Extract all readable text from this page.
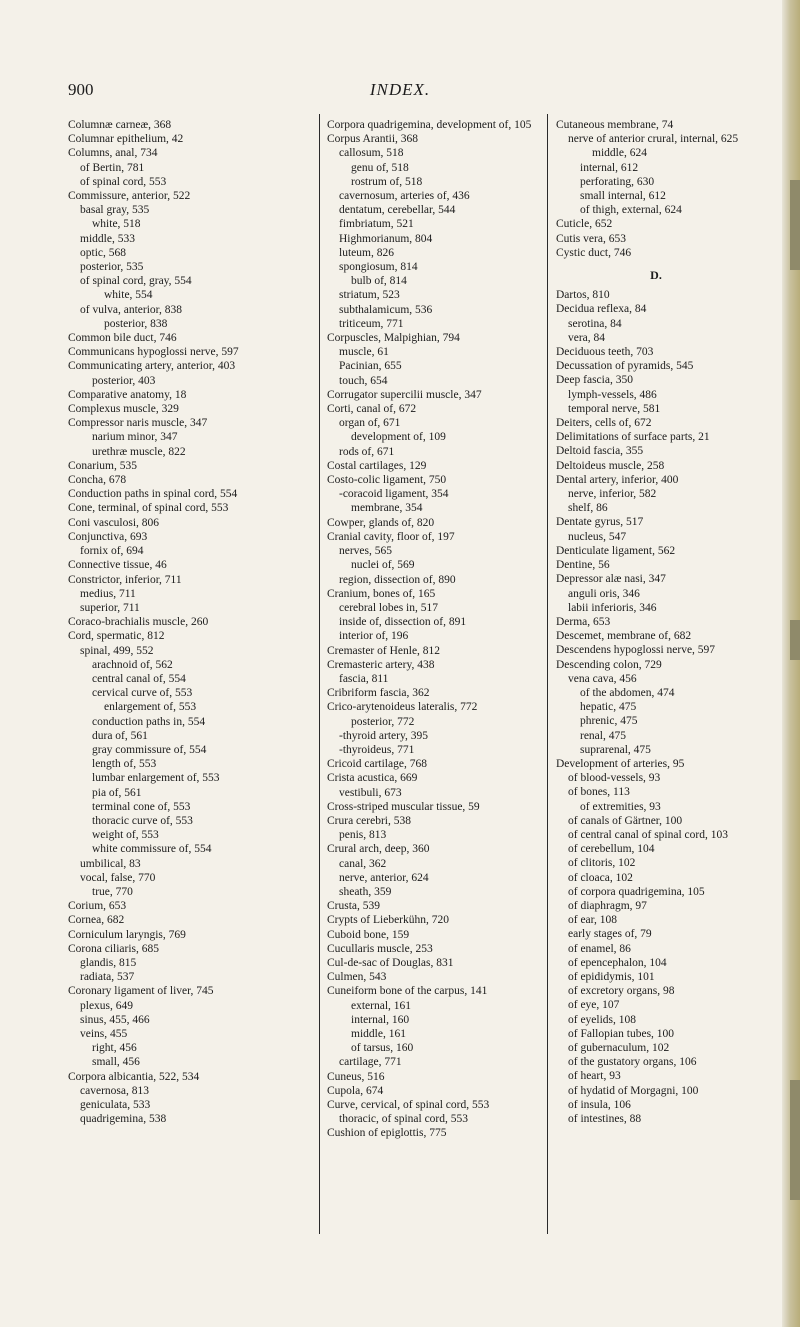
900	INDEX.
Columnæ carneæ, 368
Columnar epithelium, 42
Columns, anal, 734
of Bertin, 781
of spinal cord, 553
Commissure, anterior, 522
basal gray, 535
white, 518
middle, 533
optic, 568
posterior, 535
of spinal cord, gray, 554
white, 554
of vulva, anterior, 838
posterior, 838
Common bile duct, 746
Communicans hypoglossi nerve, 597
Communicating artery, anterior, 403
posterior, 403
Comparative anatomy, 18
Complexus muscle, 329
Compressor naris muscle, 347
narium minor, 347
urethræ muscle, 822
Conarium, 535
Concha, 678
Conduction paths in spinal cord, 554
Cone, terminal, of spinal cord, 553
Coni vasculosi, 806
Conjunctiva, 693
fornix of, 694
Connective tissue, 46
Constrictor, inferior, 711
medius, 711
superior, 711
Coraco-brachialis muscle, 260
Cord, spermatic, 812
spinal, 499, 552
arachnoid of, 562
central canal of, 554
cervical curve of, 553
enlargement of, 553
conduction paths in, 554
dura of, 561
gray commissure of, 554
length of, 553
lumbar enlargement of, 553
pia of, 561
terminal cone of, 553
thoracic curve of, 553
weight of, 553
white commissure of, 554
umbilical, 83
vocal, false, 770
true, 770
Corium, 653
Cornea, 682
Corniculum laryngis, 769
Corona ciliaris, 685
glandis, 815
radiata, 537
Coronary ligament of liver, 745
plexus, 649
sinus, 455, 466
veins, 455
right, 456
small, 456
Corpora albicantia, 522, 534
cavernosa, 813
geniculata, 533
quadrigemina, 538
Corpora quadrigemina, development of, 105
Corpus Arantii, 368
callosum, 518
genu of, 518
rostrum of, 518
cavernosum, arteries of, 436
dentatum, cerebellar, 544
fimbriatum, 521
Highmorianum, 804
luteum, 826
spongiosum, 814
bulb of, 814
striatum, 523
subthalamicum, 536
triticeum, 771
Corpuscles, Malpighian, 794
muscle, 61
Pacinian, 655
touch, 654
Corrugator supercilii muscle, 347
Corti, canal of, 672
organ of, 671
development of, 109
rods of, 671
Costal cartilages, 129
Costo-colic ligament, 750
-coracoid ligament, 354
membrane, 354
Cowper, glands of, 820
Cranial cavity, floor of, 197
nerves, 565
nuclei of, 569
region, dissection of, 890
Cranium, bones of, 165
cerebral lobes in, 517
inside of, dissection of, 891
interior of, 196
Cremaster of Henle, 812
Cremasteric artery, 438
fascia, 811
Cribriform fascia, 362
Crico-arytenoideus lateralis, 772
posterior, 772
-thyroid artery, 395
-thyroideus, 771
Cricoid cartilage, 768
Crista acustica, 669
vestibuli, 673
Cross-striped muscular tissue, 59
Crura cerebri, 538
penis, 813
Crural arch, deep, 360
canal, 362
nerve, anterior, 624
sheath, 359
Crusta, 539
Crypts of Lieberkühn, 720
Cuboid bone, 159
Cucullaris muscle, 253
Cul-de-sac of Douglas, 831
Culmen, 543
Cuneiform bone of the carpus, 141
external, 161
internal, 160
middle, 161
of tarsus, 160
cartilage, 771
Cuneus, 516
Cupola, 674
Curve, cervical, of spinal cord, 553
thoracic, of spinal cord, 553
Cushion of epiglottis, 775
Cutaneous membrane, 74
nerve of anterior crural, internal, 625
middle, 624
internal, 612
perforating, 630
small internal, 612
of thigh, external, 624
Cuticle, 652
Cutis vera, 653
Cystic duct, 746
D.
Dartos, 810
Decidua reflexa, 84
serotina, 84
vera, 84
Deciduous teeth, 703
Decussation of pyramids, 545
Deep fascia, 350
lymph-vessels, 486
temporal nerve, 581
Deiters, cells of, 672
Delimitations of surface parts, 21
Deltoid fascia, 355
Deltoideus muscle, 258
Dental artery, inferior, 400
nerve, inferior, 582
shelf, 86
Dentate gyrus, 517
nucleus, 547
Denticulate ligament, 562
Dentine, 56
Depressor alæ nasi, 347
anguli oris, 346
labii inferioris, 346
Derma, 653
Descemet, membrane of, 682
Descendens hypoglossi nerve, 597
Descending colon, 729
vena cava, 456
of the abdomen, 474
hepatic, 475
phrenic, 475
renal, 475
suprarenal, 475
Development of arteries, 95
of blood-vessels, 93
of bones, 113
of extremities, 93
of canals of Gärtner, 100
of central canal of spinal cord, 103
of cerebellum, 104
of clitoris, 102
of cloaca, 102
of corpora quadrigemina, 105
of diaphragm, 97
of ear, 108
early stages of, 79
of enamel, 86
of epencephalon, 104
of epididymis, 101
of excretory organs, 98
of eye, 107
of eyelids, 108
of Fallopian tubes, 100
of gubernaculum, 102
of the gustatory organs, 106
of heart, 93
of hydatid of Morgagni, 100
of insula, 106
of intestines, 88
